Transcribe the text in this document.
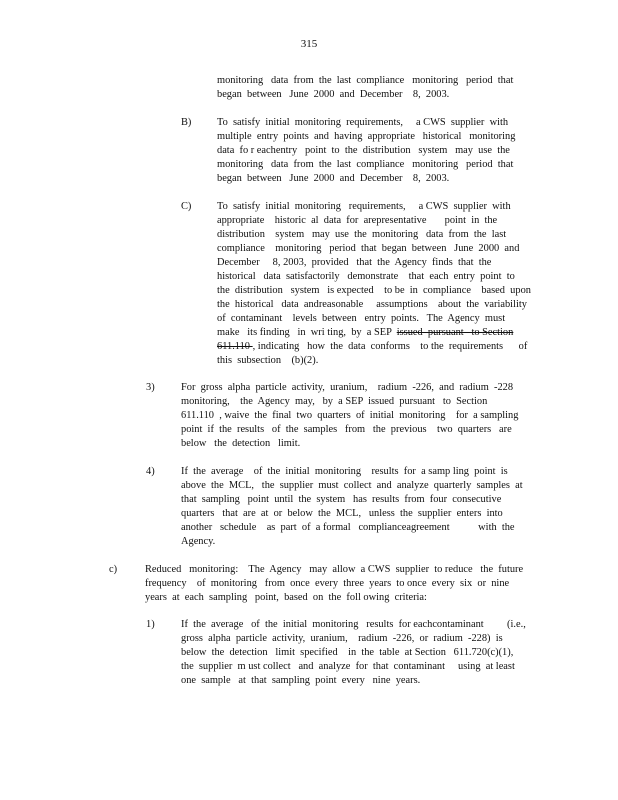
315
monitoring   data  from  the  last  compliance   monitoring   period  that
began  between   June  2000  and  December    8,  2003.
B) To  satisfy  initial  monitoring  requirements,     a CWS  supplier  with
multiple  entry  points  and  having  appropriate   historical   monitoring
data  fo r eachentry   point  to  the  distribution   system   may  use  the
monitoring   data  from  the  last  compliance   monitoring   period  that
began  between   June  2000  and  December    8,  2003.
C) To  satisfy  initial  monitoring   requirements,     a CWS  supplier  with
appropriate    historic  al  data  for  arepresentative       point  in  the
distribution    system   may  use  the  monitoring   data  from  the  last
compliance    monitoring   period  that  began  between   June  2000  and
December     8, 2003,  provided   that  the  Agency  finds  that  the
historical   data  satisfactorily   demonstrate    that  each  entry  point  to
the  distribution   system   is expected    to be  in  compliance    based  upon
the  historical   data  andreasonable     assumptions    about  the  variability
of  contaminant    levels  between   entry  points.   The  Agency  must
make   its finding   in  wri ting,  by  a SEP  issued  pursuant   to Section
611.110 , indicating   how  the  data  conforms    to the  requirements      of
this  subsection    (b)(2).
3)	For  gross  alpha  particle  activity,  uranium,    radium  -226,  and  radium  -228
monitoring,    the  Agency  may,   by  a SEP  issued  pursuant   to  Section
611.110  , waive  the  final  two  quarters  of  initial  monitoring    for  a sampling
point  if  the  results   of  the  samples   from   the  previous    two  quarters   are
below   the  detection   limit.
4)	If  the  average    of  the  initial  monitoring    results  for  a samp ling  point  is
above  the  MCL,   the  supplier  must  collect  and  analyze  quarterly  samples  at
that  sampling   point  until  the  system   has  results  from  four  consecutive
quarters   that  are  at  or  below  the  MCL,   unless  the  supplier  enters  into
another   schedule    as  part  of  a formal   complianceagreement           with  the
Agency.
c)	Reduced   monitoring:    The  Agency   may  allow  a CWS  supplier  to reduce   the  future
frequency    of  monitoring   from  once  every  three  years  to once  every  six  or  nine
years  at  each  sampling   point,  based  on  the  foll owing  criteria:
1)	If  the  average   of  the  initial  monitoring   results  for eachcontaminant         (i.e.,
gross  alpha  particle  activity,  uranium,    radium  -226,  or  radium  -228)  is
below  the  detection   limit  specified    in  the  table  at Section   611.720(c)(1),
the  supplier  m ust collect   and  analyze  for  that  contaminant     using  at least
one  sample   at  that  sampling  point  every   nine  years.
